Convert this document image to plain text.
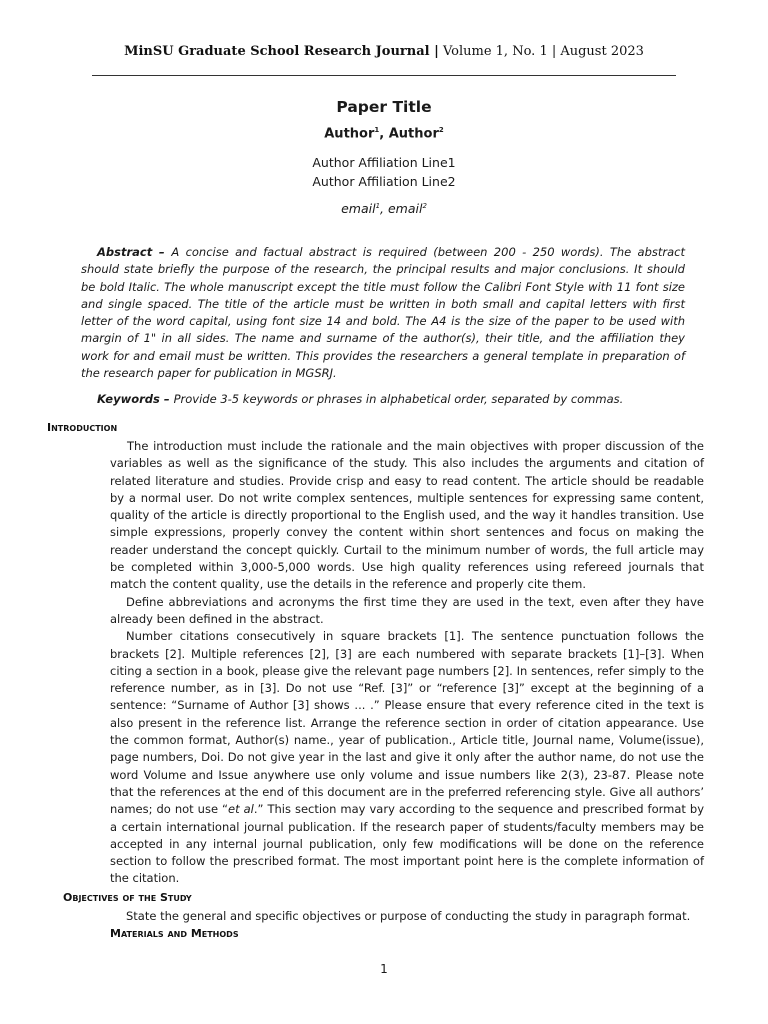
MinSU Graduate School Research Journal | Volume 1, No. 1 | August 2023
Paper Title
Author$^1$, Author$^2$
Author Affiliation Line1
Author Affiliation Line2
email$^1$, email$^2$
Abstract – A concise and factual abstract is required (between 200 - 250 words). The abstract should state briefly the purpose of the research, the principal results and major conclusions. It should be bold Italic. The whole manuscript except the title must follow the Calibri Font Style with 11 font size and single spaced. The title of the article must be written in both small and capital letters with first letter of the word capital, using font size 14 and bold. The A4 is the size of the paper to be used with margin of 1" in all sides. The name and surname of the author(s), their title, and the affiliation they work for and email must be written. This provides the researchers a general template in preparation of the research paper for publication in MGSRJ.
Keywords – Provide 3-5 keywords or phrases in alphabetical order, separated by commas.
Introduction

The introduction must include the rationale and the main objectives with proper discussion of the variables as well as the significance of the study. This also includes the arguments and citation of related literature and studies. Provide crisp and easy to read content. The article should be readable by a normal user. Do not write complex sentences, multiple sentences for expressing same content, quality of the article is directly proportional to the English used, and the way it handles transition. Use simple expressions, properly convey the content within short sentences and focus on making the reader understand the concept quickly. Curtail to the minimum number of words, the full article may be completed within 3,000-5,000 words. Use high quality references using refereed journals that match the content quality, use the details in the reference and properly cite them.

Define abbreviations and acronyms the first time they are used in the text, even after they have already been defined in the abstract.

Number citations consecutively in square brackets [1]. The sentence punctuation follows the brackets [2]. Multiple references [2], [3] are each numbered with separate brackets [1]–[3]. When citing a section in a book, please give the relevant page numbers [2]. In sentences, refer simply to the reference number, as in [3]. Do not use “Ref. [3]” or “reference [3]” except at the beginning of a sentence: “Surname of Author [3] shows ... .” Please ensure that every reference cited in the text is also present in the reference list. Arrange the reference section in order of citation appearance. Use the common format, Author(s) name., year of publication., Article title, Journal name, Volume(issue), page numbers, Doi. Do not give year in the last and give it only after the author name, do not use the word Volume and Issue anywhere use only volume and issue numbers like 2(3), 23-87. Please note that the references at the end of this document are in the preferred referencing style. Give all authors’ names; do not use “et al.” This section may vary according to the sequence and prescribed format by a certain international journal publication. If the research paper of students/faculty members may be accepted in any internal journal publication, only few modifications will be done on the reference section to follow the prescribed format. The most important point here is the complete information of the citation.

Objectives of the Study

State the general and specific objectives or purpose of conducting the study in paragraph format.

Materials and Methods
1
